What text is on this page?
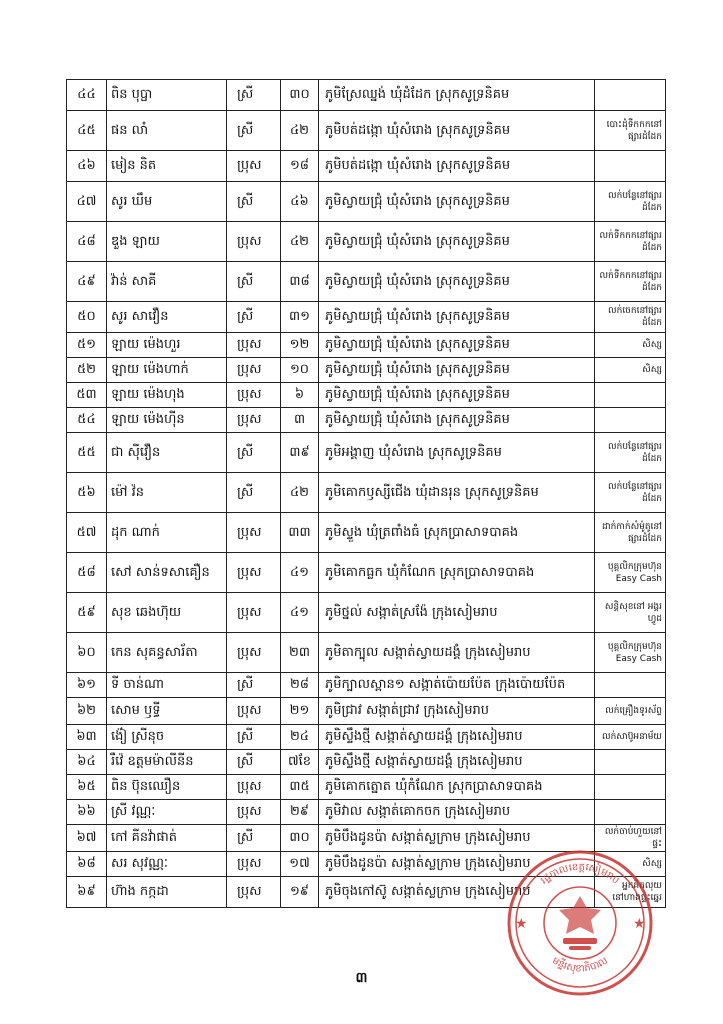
៤៤	ពិន បុប្ផា	ស្រី	៣០	ភូមិស្រែឈ្នង់ ឃុំដំដែក ស្រុកសូទ្រនិគម	
៤៥	ផន លាំ	ស្រី	៤២	ភូមិបត់ដង្កោ ឃុំសំរោង ស្រុកសូទ្រនិគម	បោះដុំទឹកកកនៅផ្សារដំដែក
៤៦	មៀន និត	ប្រុស	១៨	ភូមិបត់ដង្កោ ឃុំសំរោង ស្រុកសូទ្រនិគម	
៤៧	សូរ ឃឹម	ស្រី	៤៦	ភូមិស្វាយជ្រុំ ឃុំសំរោង ស្រុកសូទ្រនិគម	លក់បន្លែនៅផ្សារដំដែក
៤៨	ឌួង ឡាយ	ប្រុស	៤២	ភូមិស្វាយជ្រុំ ឃុំសំរោង ស្រុកសូទ្រនិគម	លក់ទឹកកកនៅផ្សារដំដែក
៤៩	វ៉ាន់ សាគី	ស្រី	៣៨	ភូមិស្វាយជ្រុំ ឃុំសំរោង ស្រុកសូទ្រនិគម	លក់ទឹកកកនៅផ្សារដំដែក
៥០	សូរ សាវឿន	ស្រី	៣១	ភូមិស្វាយជ្រុំ ឃុំសំរោង ស្រុកសូទ្រនិគម	លក់ចេកនៅផ្សារដំដែក
៥១	ឡាយ ម៉េងហួរ	ប្រុស	១២	ភូមិស្វាយជ្រុំ ឃុំសំរោង ស្រុកសូទ្រនិគម	សិស្ស
៥២	ឡាយ ម៉េងហាក់	ប្រុស	១០	ភូមិស្វាយជ្រុំ ឃុំសំរោង ស្រុកសូទ្រនិគម	សិស្ស
៥៣	ឡាយ ម៉េងហុង	ប្រុស	៦	ភូមិស្វាយជ្រុំ ឃុំសំរោង ស្រុកសូទ្រនិគម	
៥៤	ឡាយ ម៉េងហ៊ីន	ប្រុស	៣	ភូមិស្វាយជ្រុំ ឃុំសំរោង ស្រុកសូទ្រនិគម	
៥៥	ជា ស៊ីវឿន	ស្រី	៣៩	ភូមិអង្គាញ ឃុំសំរោង ស្រុកសូទ្រនិគម	លក់បន្លែនៅផ្សារដំដែក
៥៦	ម៉ៅ វ៉ន	ស្រី	៤២	ភូមិគោកឫស្សីជើង ឃុំដានរុន ស្រុកសូទ្រនិគម	លក់បន្លែនៅផ្សារដំដែក
៥៧	ដុក ណាក់	ប្រុស	៣៣	ភូមិស្ទួង ឃុំត្រពាំងធំ ស្រុកប្រាសាទបាគង	ដាក់កាក់សំម៉ូតូនៅផ្សារដំដែក
៥៨	សៅ សាន់ទសាគឿន	ប្រុស	៤១	ភូមិគោកធ្លក ឃុំកំណែក ស្រុកប្រាសាទបាគង	បុគ្គលិកក្រុមហ៊ុន Easy Cash
៥៩	សុខ ឆេងហ៊ុយ	ប្រុស	៤១	ភូមិថ្នល់ សង្កាត់ស្រង៉ែ ក្រុងសៀមរាប	សន្តិសុខនៅ អង្គរហ្វូដ
៦០	កេន សុគន្ធសារ័តា	ប្រុស	២៣	ភូមិតាក្បុល សង្កាត់ស្វាយដង្គំ ក្រុងសៀមរាប	បុគ្គលិកក្រុមហ៊ុន Easy Cash
៦១	ទី ចាន់ណា	ស្រី	២៨	ភូមិក្បាលស្ពាន១ សង្កាត់ប៉ោយប៉ែត ក្រុងប៉ោយប៉ែត	
៦២	សោម ឫទ្ធី	ប្រុស	២១	ភូមិជ្រាវ សង្កាត់ជ្រាវ ក្រុងសៀមរាប	លក់គ្រឿងទូរស័ព្ទ
៦៣	ង៉ៀ ស្រីនុច	ស្រី	២៤	ភូមិស្ទឹងថ្មី សង្កាត់ស្វាយដង្គំ ក្រុងសៀមរាប	លក់សាប៊ូអនាម័យ
៦៤	រឺវ៉េ ឧត្តមម៉ាលីនីន	ស្រី	៧ខែ	ភូមិស្ទឹងថ្មី សង្កាត់ស្វាយដង្គំ ក្រុងសៀមរាប	
៦៥	ពិន ប៊ុនឈឿន	ប្រុស	៣៥	ភូមិគោកត្នោត ឃុំកំណែក ស្រុកប្រាសាទបាគង	
៦៦	ស្រី វណ្ណៈ	ប្រុស	២៩	ភូមិវាល សង្កាត់គោកចក ក្រុងសៀមរាប	
៦៧	កៅ គីនវ៉ាផាត់	ស្រី	៣០	ភូមិបឹងដូនប៉ា សង្កាត់ស្លក្រាម ក្រុងសៀមរាប	លក់ចាប់ហួយនៅផ្ទះ
៦៨	សរ សុវណ្ណៈ	ប្រុស	១៧	ភូមិបឹងដូនប៉ា សង្កាត់ស្លក្រាម ក្រុងសៀមរាប	សិស្ស
៦៩	ហ៊ាង កក្កដា	ប្រុស	១៩	ភូមិចុងកៅស៊ូ សង្កាត់ស្លក្រាម ក្រុងសៀមរាប	អ្នកគិតលុយនៅហាងផ្ទះឆ្នេរ
រដ្ឋបាលខេត្តសៀមរាប
មន្ទីរសុខាភិបាល
★	★
៣
